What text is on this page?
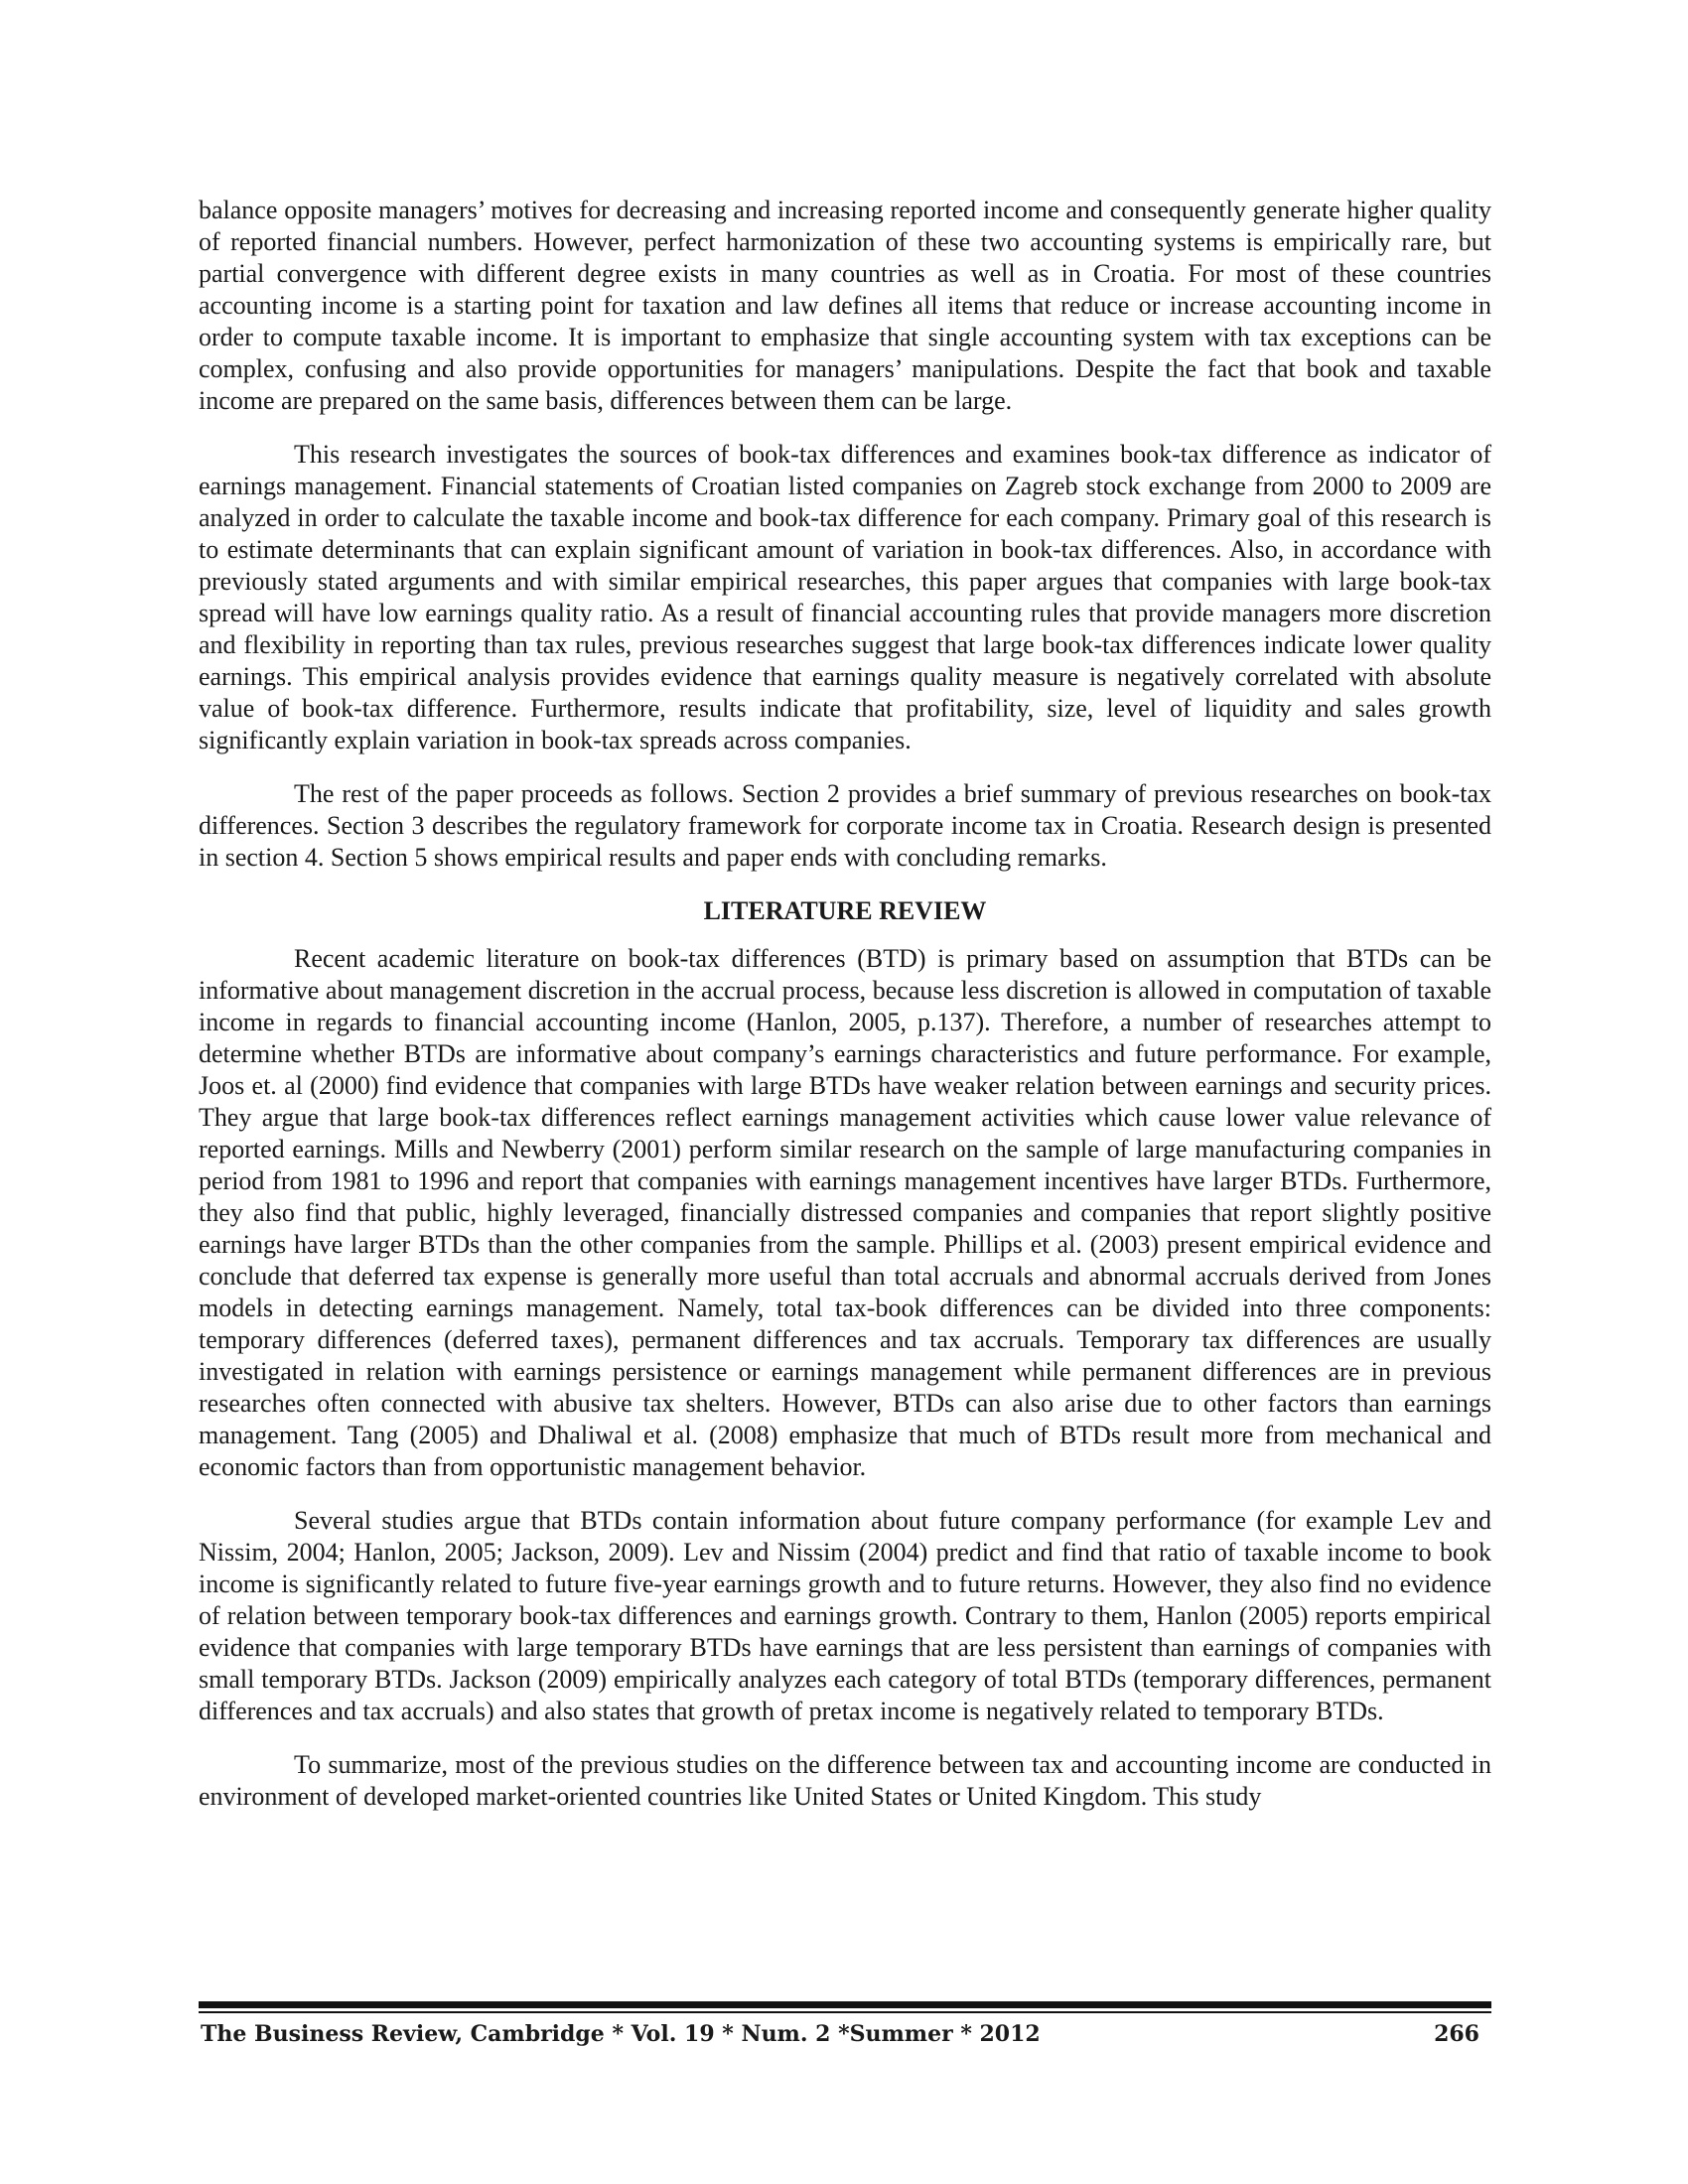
balance opposite managers’ motives for decreasing and increasing reported income and consequently generate higher quality of reported financial numbers. However, perfect harmonization of these two accounting systems is empirically rare, but partial convergence with different degree exists in many countries as well as in Croatia. For most of these countries accounting income is a starting point for taxation and law defines all items that reduce or increase accounting income in order to compute taxable income. It is important to emphasize that single accounting system with tax exceptions can be complex, confusing and also provide opportunities for managers’ manipulations. Despite the fact that book and taxable income are prepared on the same basis, differences between them can be large.

This research investigates the sources of book-tax differences and examines book-tax difference as indicator of earnings management. Financial statements of Croatian listed companies on Zagreb stock exchange from 2000 to 2009 are analyzed in order to calculate the taxable income and book-tax difference for each company. Primary goal of this research is to estimate determinants that can explain significant amount of variation in book-tax differences. Also, in accordance with previously stated arguments and with similar empirical researches, this paper argues that companies with large book-tax spread will have low earnings quality ratio. As a result of financial accounting rules that provide managers more discretion and flexibility in reporting than tax rules, previous researches suggest that large book-tax differences indicate lower quality earnings. This empirical analysis provides evidence that earnings quality measure is negatively correlated with absolute value of book-tax difference. Furthermore, results indicate that profitability, size, level of liquidity and sales growth significantly explain variation in book-tax spreads across companies.

The rest of the paper proceeds as follows. Section 2 provides a brief summary of previous researches on book-tax differences. Section 3 describes the regulatory framework for corporate income tax in Croatia. Research design is presented in section 4. Section 5 shows empirical results and paper ends with concluding remarks.

LITERATURE REVIEW

Recent academic literature on book-tax differences (BTD) is primary based on assumption that BTDs can be informative about management discretion in the accrual process, because less discretion is allowed in computation of taxable income in regards to financial accounting income (Hanlon, 2005, p.137). Therefore, a number of researches attempt to determine whether BTDs are informative about company’s earnings characteristics and future performance. For example, Joos et. al (2000) find evidence that companies with large BTDs have weaker relation between earnings and security prices. They argue that large book-tax differences reflect earnings management activities which cause lower value relevance of reported earnings. Mills and Newberry (2001) perform similar research on the sample of large manufacturing companies in period from 1981 to 1996 and report that companies with earnings management incentives have larger BTDs. Furthermore, they also find that public, highly leveraged, financially distressed companies and companies that report slightly positive earnings have larger BTDs than the other companies from the sample. Phillips et al. (2003) present empirical evidence and conclude that deferred tax expense is generally more useful than total accruals and abnormal accruals derived from Jones models in detecting earnings management. Namely, total tax-book differences can be divided into three components: temporary differences (deferred taxes), permanent differences and tax accruals. Temporary tax differences are usually investigated in relation with earnings persistence or earnings management while permanent differences are in previous researches often connected with abusive tax shelters. However, BTDs can also arise due to other factors than earnings management. Tang (2005) and Dhaliwal et al. (2008) emphasize that much of BTDs result more from mechanical and economic factors than from opportunistic management behavior.

Several studies argue that BTDs contain information about future company performance (for example Lev and Nissim, 2004; Hanlon, 2005; Jackson, 2009). Lev and Nissim (2004) predict and find that ratio of taxable income to book income is significantly related to future five-year earnings growth and to future returns. However, they also find no evidence of relation between temporary book-tax differences and earnings growth. Contrary to them, Hanlon (2005) reports empirical evidence that companies with large temporary BTDs have earnings that are less persistent than earnings of companies with small temporary BTDs. Jackson (2009) empirically analyzes each category of total BTDs (temporary differences, permanent differences and tax accruals) and also states that growth of pretax income is negatively related to temporary BTDs.

To summarize, most of the previous studies on the difference between tax and accounting income are conducted in environment of developed market-oriented countries like United States or United Kingdom. This study

The Business Review, Cambridge * Vol. 19 * Num. 2 *Summer * 2012	266
